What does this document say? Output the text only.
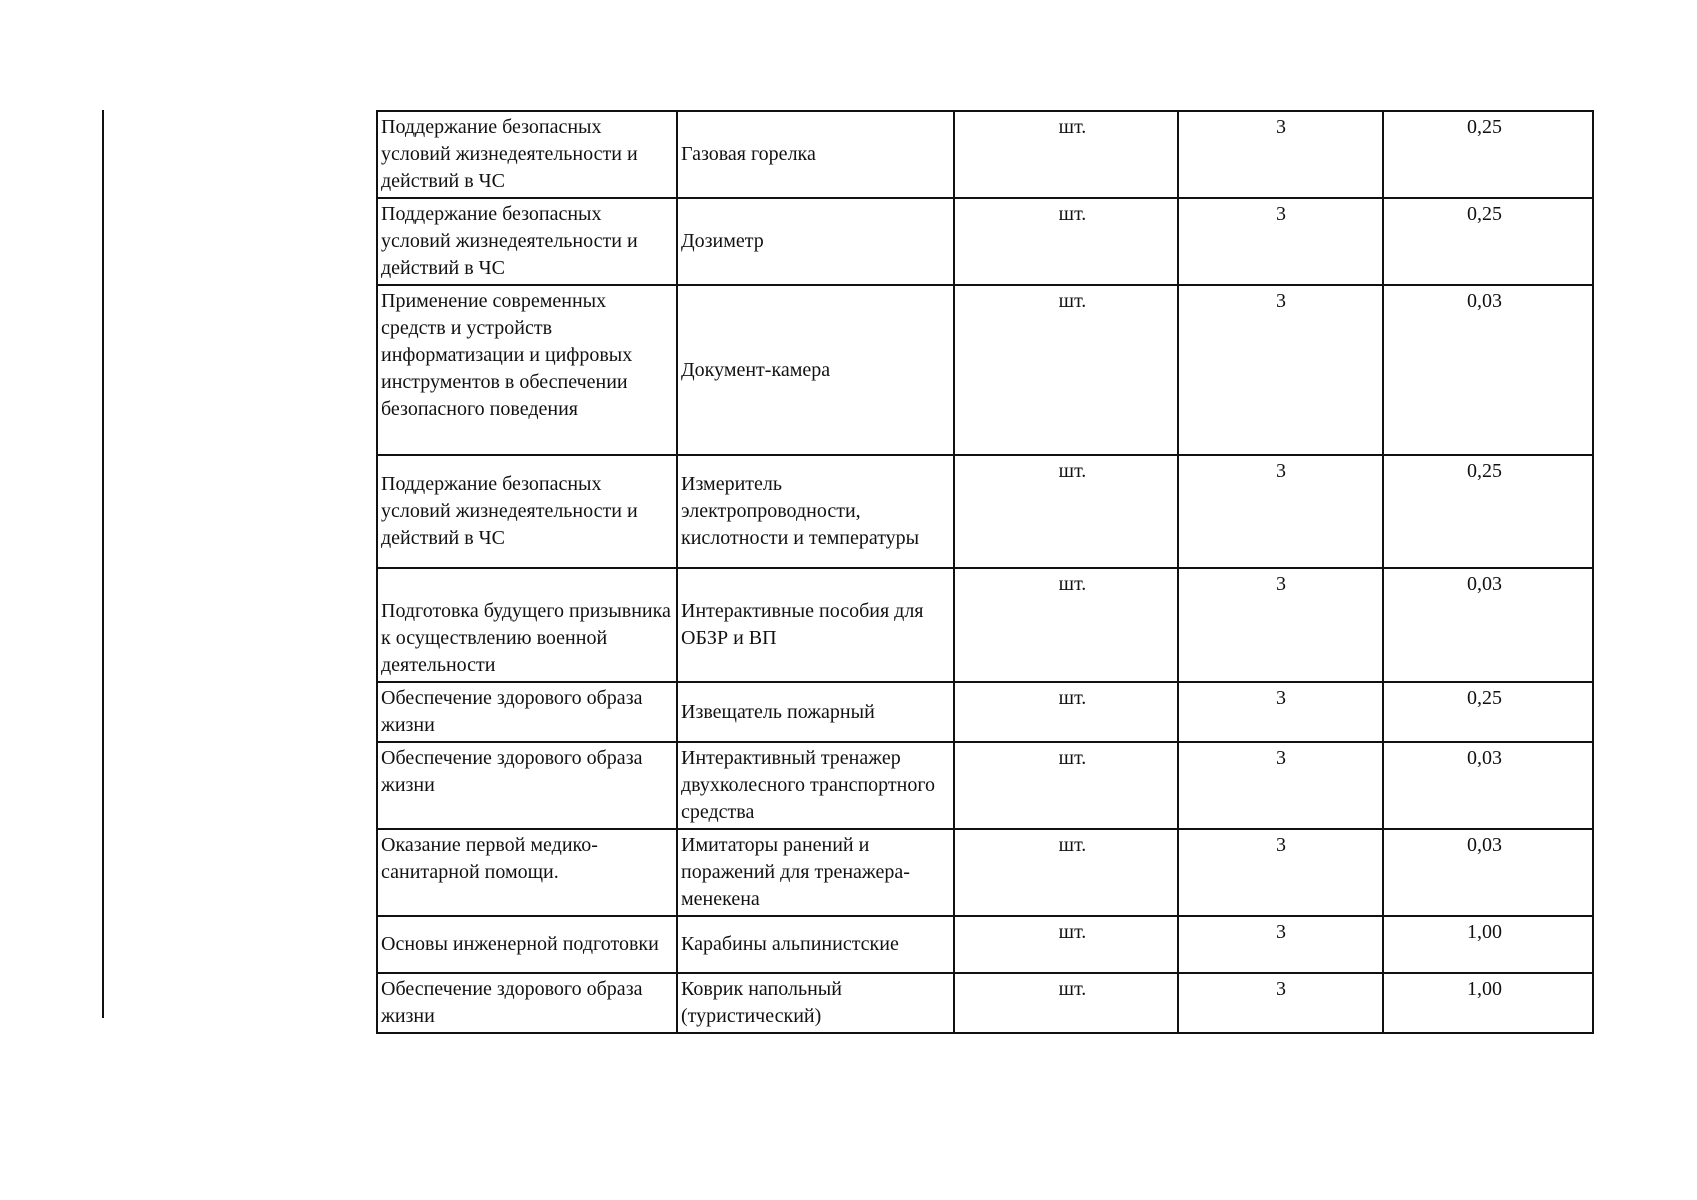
Поддержание безопасных условий жизнедеятельности и действий в ЧС	Газовая горелка	шт.	3	0,25
Поддержание безопасных условий жизнедеятельности и действий в ЧС	Дозиметр	шт.	3	0,25
Применение современных средств и устройств информатизации и цифровых инструментов в обеспечении безопасного поведения	Документ-камера	шт.	3	0,03
Поддержание безопасных условий жизнедеятельности и действий в ЧС	Измеритель электропроводности, кислотности и температуры	шт.	3	0,25
Подготовка будущего призывника к осуществлению военной деятельности	Интерактивные пособия для ОБЗР и ВП	шт.	3	0,03
Обеспечение здорового образа жизни	Извещатель пожарный	шт.	3	0,25
Обеспечение здорового образа жизни	Интерактивный тренажер двухколесного транспортного средства	шт.	3	0,03
Оказание первой медико-санитарной помощи.	Имитаторы ранений и поражений для тренажера-менекена	шт.	3	0,03
Основы инженерной подготовки	Карабины альпинистские	шт.	3	1,00
Обеспечение здорового образа жизни	Коврик напольный (туристический)	шт.	3	1,00
